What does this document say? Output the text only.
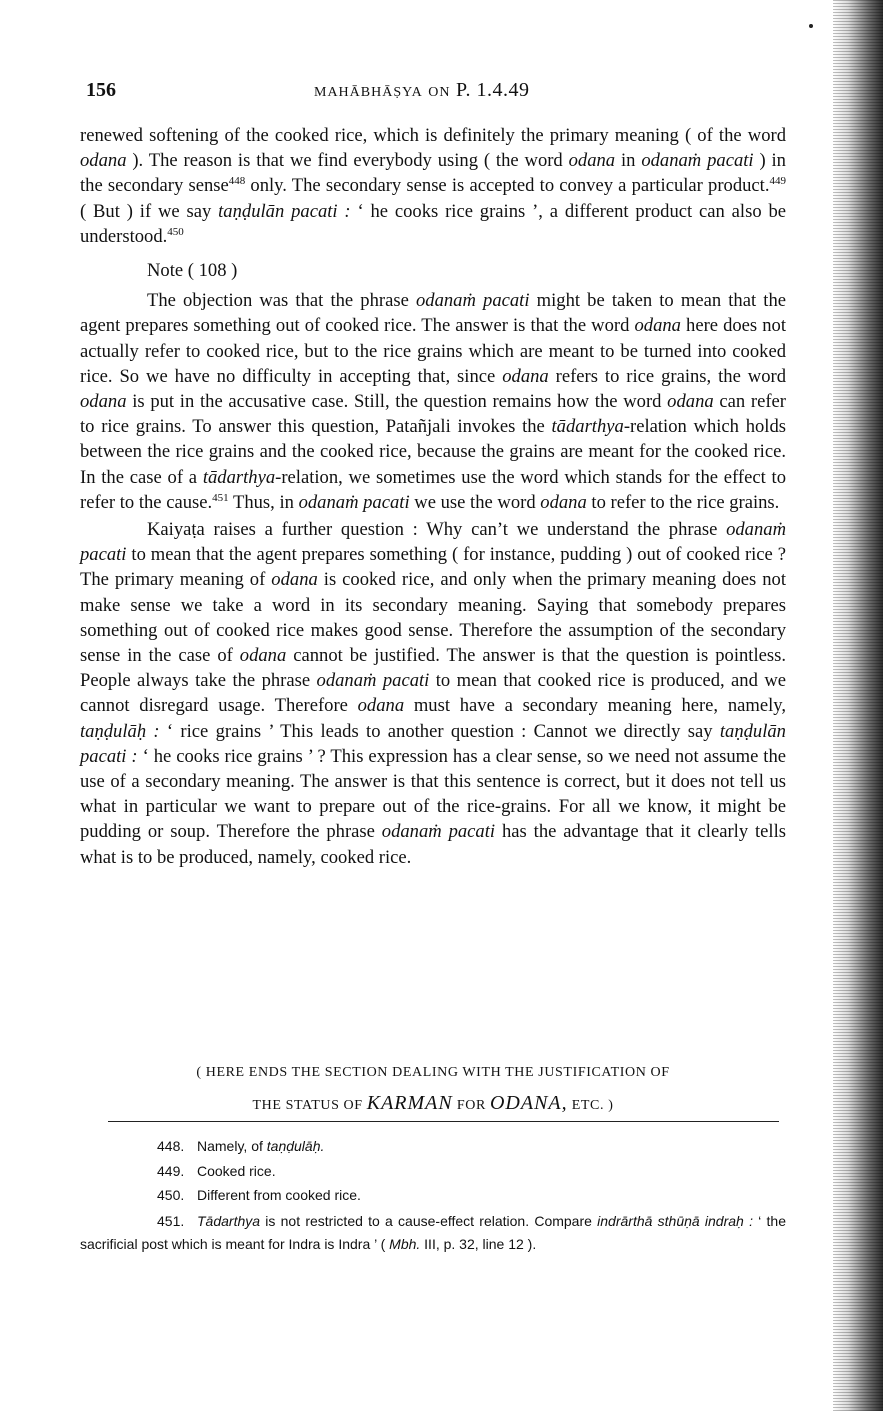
156	MAHĀBHĀṢYA ON P. 1.4.49

renewed softening of the cooked rice, which is definitely the primary meaning ( of the word odana ). The reason is that we find everybody using ( the word odana in odanaṁ pacati ) in the secondary sense$^{448}$ only. The secondary sense is accepted to convey a particular product.$^{449}$ ( But ) if we say taṇḍulān pacati : ‘ he cooks rice grains ’, a different product can also be understood.$^{450}$

Note ( 108 )

The objection was that the phrase odanaṁ pacati might be taken to mean that the agent prepares something out of cooked rice. The answer is that the word odana here does not actually refer to cooked rice, but to the rice grains which are meant to be turned into cooked rice. So we have no difficulty in accepting that, since odana refers to rice grains, the word odana is put in the accusative case. Still, the question remains how the word odana can refer to rice grains. To answer this question, Patañjali invokes the tādarthya-relation which holds between the rice grains and the cooked rice, because the grains are meant for the cooked rice. In the case of a tādarthya-relation, we sometimes use the word which stands for the effect to refer to the cause.$^{451}$ Thus, in odanaṁ pacati we use the word odana to refer to the rice grains.

Kaiyaṭa raises a further question : Why can’t we understand the phrase odanaṁ pacati to mean that the agent prepares something ( for instance, pudding ) out of cooked rice ? The primary meaning of odana is cooked rice, and only when the primary meaning does not make sense we take a word in its secondary meaning. Saying that somebody prepares something out of cooked rice makes good sense. Therefore the assumption of the secondary sense in the case of odana cannot be justified. The answer is that the question is pointless. People always take the phrase odanaṁ pacati to mean that cooked rice is produced, and we cannot disregard usage. Therefore odana must have a secondary meaning here, namely, taṇḍulāḥ : ‘ rice grains ’ This leads to another question : Cannot we directly say taṇḍulān pacati : ‘ he cooks rice grains ’ ? This expression has a clear sense, so we need not assume the use of a secondary meaning. The answer is that this sentence is correct, but it does not tell us what in particular we want to prepare out of the rice-grains. For all we know, it might be pudding or soup. Therefore the phrase odanaṁ pacati has the advantage that it clearly tells what is to be produced, namely, cooked rice.

( HERE ENDS THE SECTION DEALING WITH THE JUSTIFICATION OF
THE STATUS OF KARMAN FOR ODANA, ETC. )
448. Namely, of taṇḍulāḥ.
449. Cooked rice.
450. Different from cooked rice.
451. Tādarthya is not restricted to a cause-effect relation. Compare indrārthā sthūṇā indraḥ : ‘ the sacrificial post which is meant for Indra is Indra ’ ( Mbh. III, p. 32, line 12 ).
